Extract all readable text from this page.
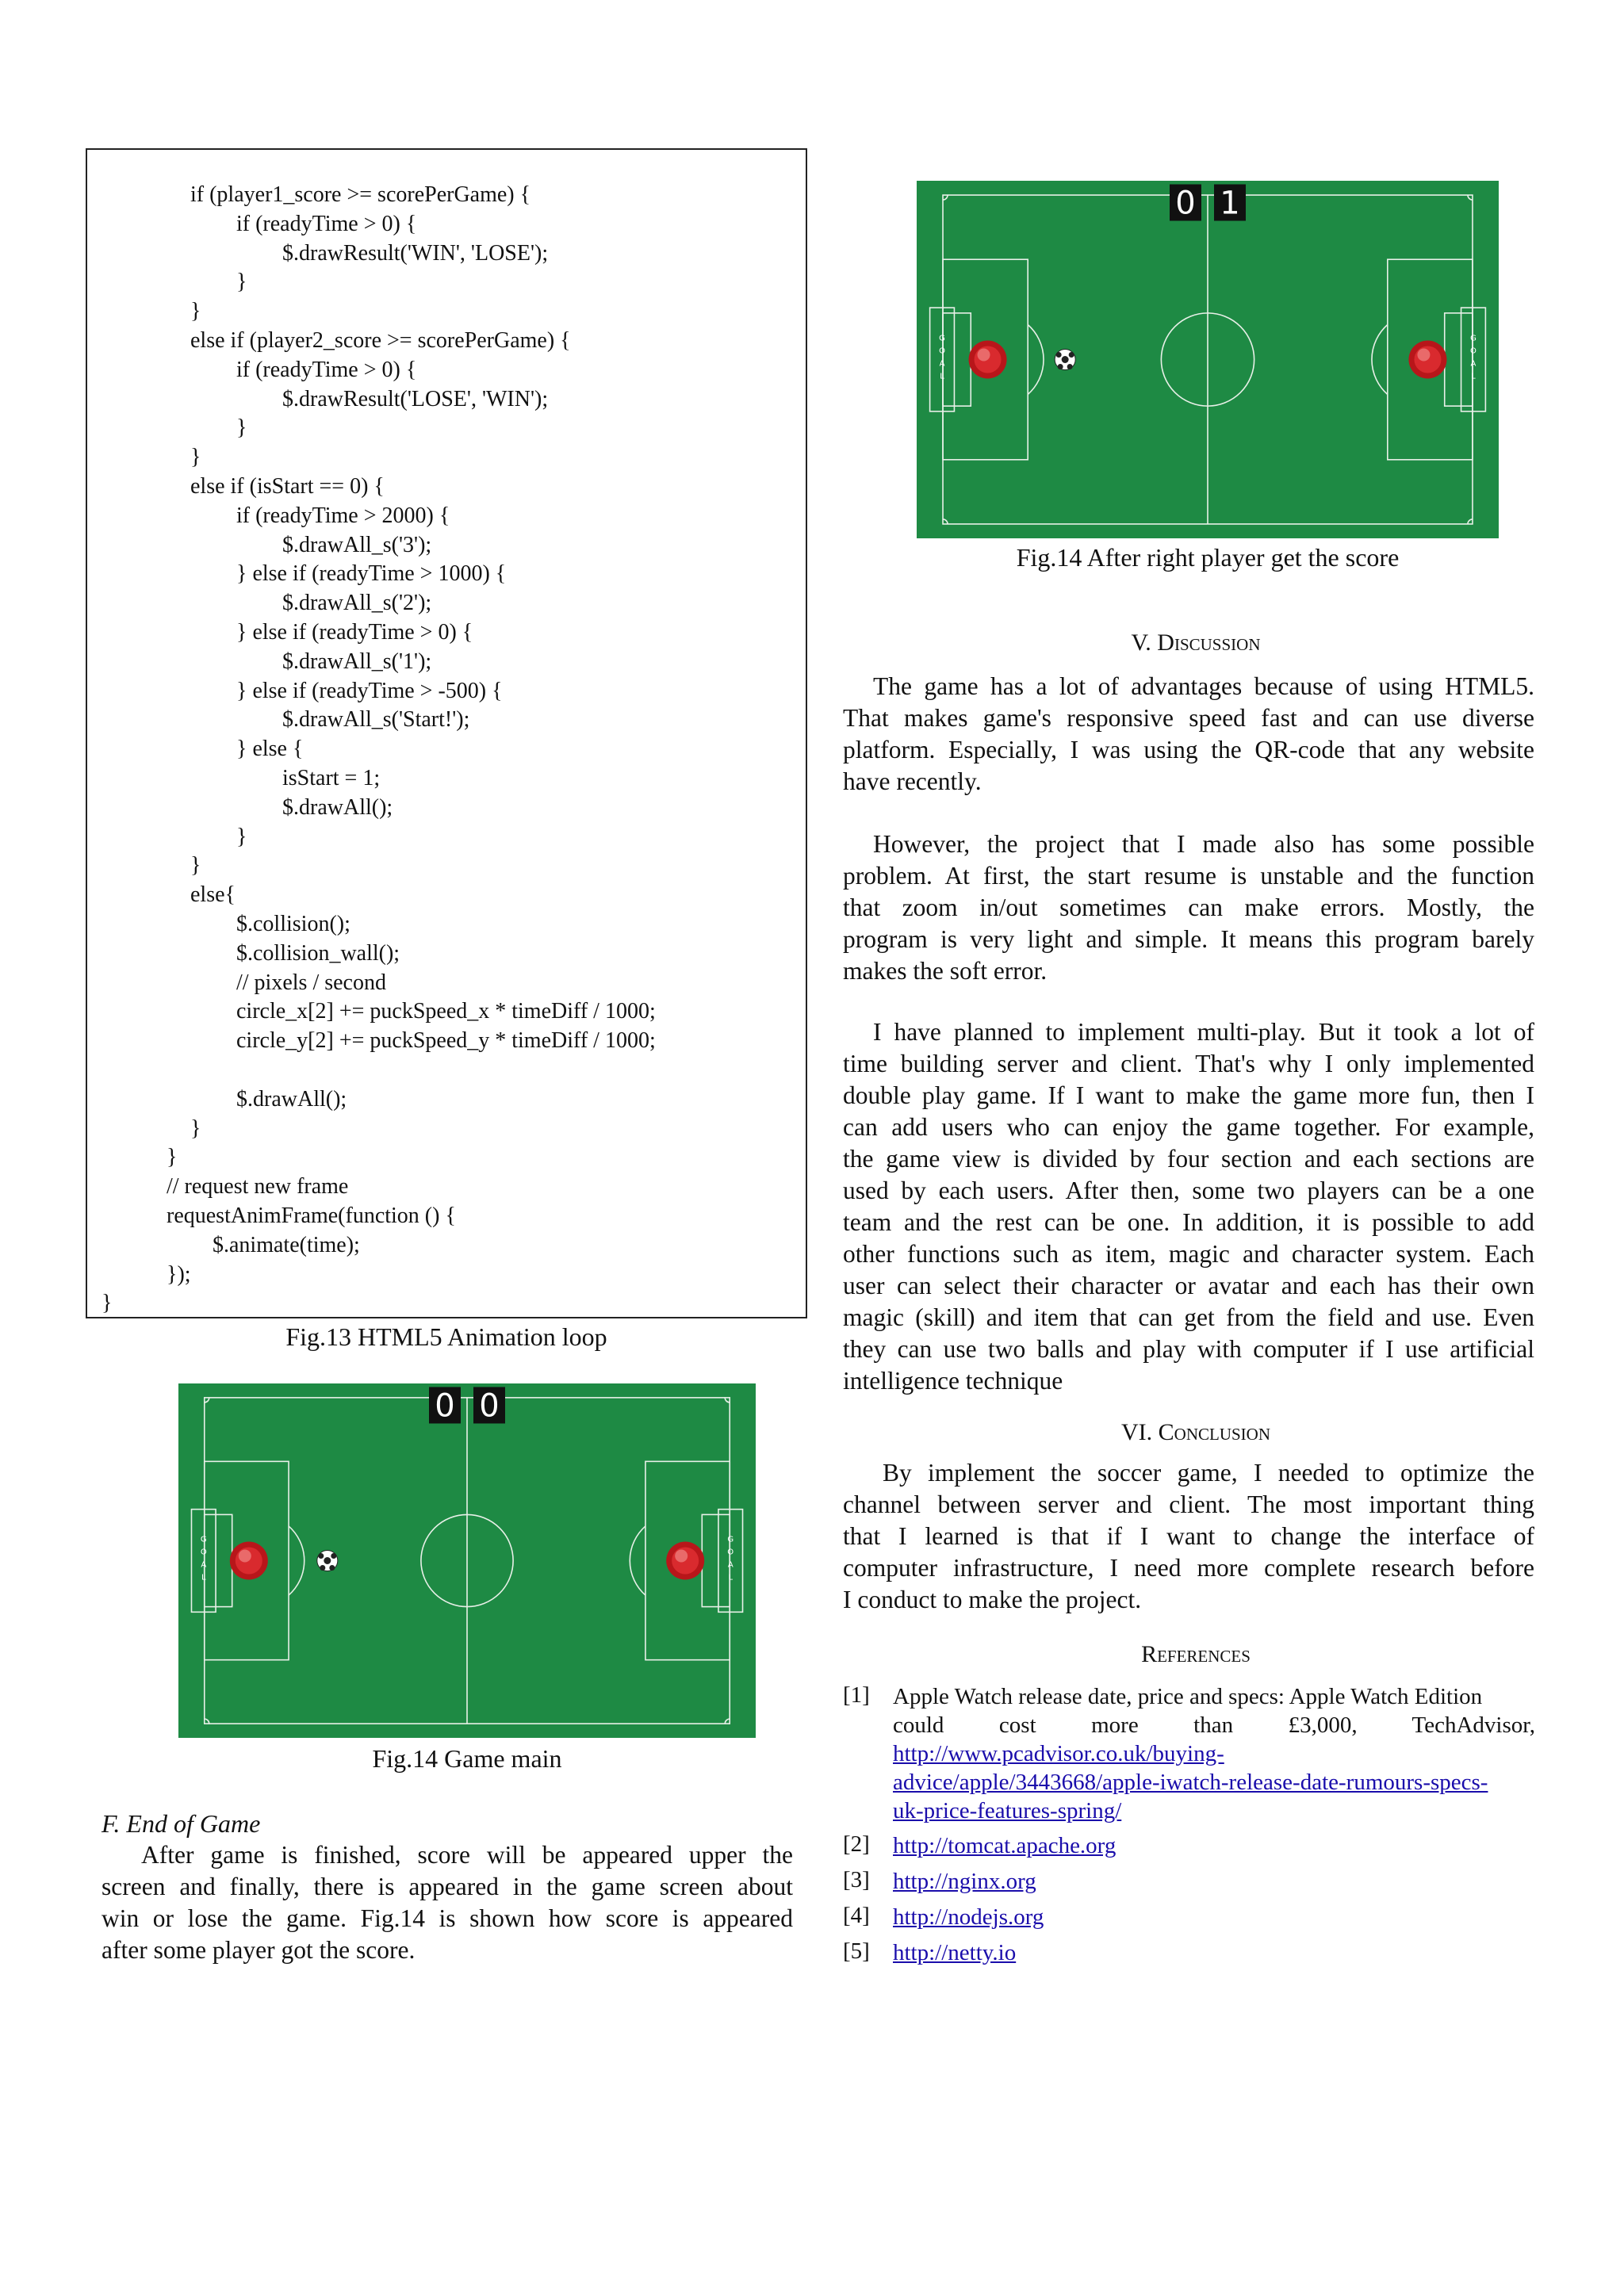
if (player1_score >= scorePerGame) {
if (readyTime > 0) {
$.drawResult('WIN', 'LOSE');
}
}
else if (player2_score >= scorePerGame) {
if (readyTime > 0) {
$.drawResult('LOSE', 'WIN');
}
}
else if (isStart == 0) {
if (readyTime > 2000) {
$.drawAll_s('3');
} else if (readyTime > 1000) {
$.drawAll_s('2');
} else if (readyTime > 0) {
$.drawAll_s('1');
} else if (readyTime > -500) {
$.drawAll_s('Start!');
} else {
isStart = 1;
$.drawAll();
}
}
else{
$.collision();
$.collision_wall();
// pixels / second
circle_x[2] += puckSpeed_x * timeDiff / 1000;
circle_y[2] += puckSpeed_y * timeDiff / 1000;
$.drawAll();
}
}
// request new frame
requestAnimFrame(function () {
$.animate(time);
});
}
Fig.13 HTML5 Animation loop
G	G
O	O
A	A
L	L
0 0
Fig.14 Game main
F. End of Game
After game is finished, score will be appeared upper the
screen and finally, there is appeared in the game screen about
win or lose the game. Fig.14 is shown how score is appeared
after some player got the score.
G	G
O	O
A	A
L	L
0 1
Fig.14 After right player get the score
V. Discussion
The game has a lot of advantages because of using HTML5.
That makes game's responsive speed fast and can use diverse
platform. Especially, I was using the QR-code that any website
have recently.
However, the project that I made also has some possible
problem. At first, the start resume is unstable and the function
that zoom in/out sometimes can make errors. Mostly, the
program is very light and simple. It means this program barely
makes the soft error.
I have planned to implement multi-play. But it took a lot of
time building server and client. That's why I only implemented
double play game. If I want to make the game more fun, then I
can add users who can enjoy the game together. For example,
the game view is divided by four section and each sections are
used by each users. After then, some two players can be a one
team and the rest can be one. In addition, it is possible to add
other functions such as item, magic and character system. Each
user can select their character or avatar and each has their own
magic (skill) and item that can get from the field and use. Even
they can use two balls and play with computer if I use artificial
intelligence technique
By implement the soccer game, I needed to optimize the
channel between server and client. The most important thing
that I learned is that if I want to change the interface of
computer infrastructure, I need more complete research before
I conduct to make the project.
VI. Conclusion
References
[1] Apple Watch release date, price and specs: Apple Watch Edition
could cost more than £3,000, TechAdvisor,
http://www.pcadvisor.co.uk/buying-
advice/apple/3443668/apple-iwatch-release-date-rumours-specs-
uk-price-features-spring/
[2] http://tomcat.apache.org
[3] http://nginx.org
[4] http://nodejs.org
[5] http://netty.io
